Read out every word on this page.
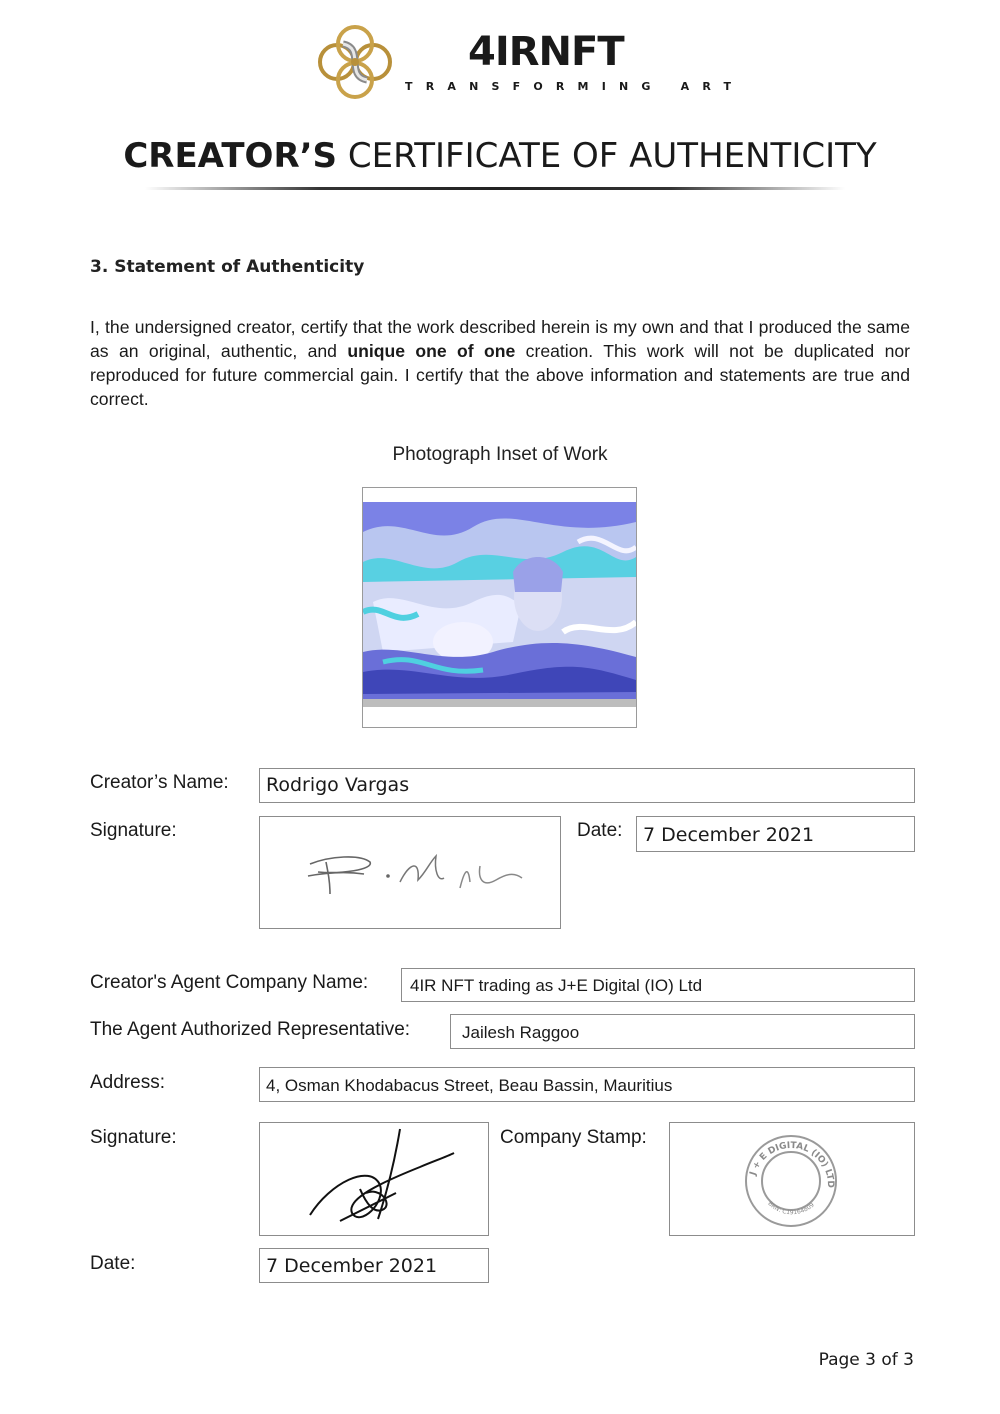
4IRNFT
TRANSFORMING ART
CREATOR’S CERTIFICATE OF AUTHENTICITY
3. Statement of Authenticity
I, the undersigned creator, certify that the work described herein is my own and that I produced the same as an original, authentic, and unique one of one creation. This work will not be duplicated nor reproduced for future commercial gain. I certify that the above information and statements are true and correct.
Photograph Inset of Work
Creator’s Name: Rodrigo Vargas
Signature:	Date: 7 December 2021
Creator's Agent Company Name: 4IR NFT trading as J+E Digital (IO) Ltd
The Agent Authorized Representative:	Jailesh Raggoo
Address:	4, Osman Khodabacus Street, Beau Bassin, Mauritius
Signature:	Company Stamp:
J + E DIGITAL (IO) LTD
BRN: C19164809
Date:	7 December 2021
Page 3 of 3
